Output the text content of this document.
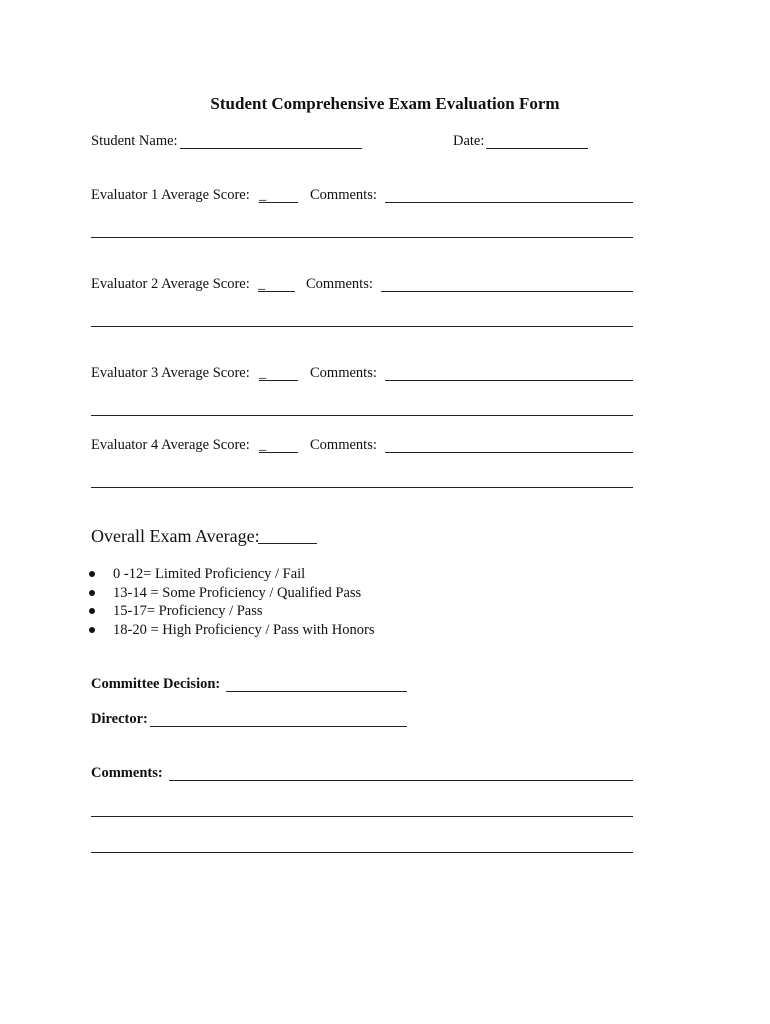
Student Comprehensive Exam Evaluation Form
Student Name:	Date:
Evaluator 1 Average Score: _	Comments:
Evaluator 2 Average Score: _	Comments:
Evaluator 3 Average Score: _	Comments:
Evaluator 4 Average Score: _	Comments:
Overall Exam Average:
0 -12= Limited Proficiency / Fail
13-14 = Some Proficiency / Qualified Pass
15-17= Proficiency / Pass
18-20 = High Proficiency / Pass with Honors
Committee Decision:
Director:
Comments:
